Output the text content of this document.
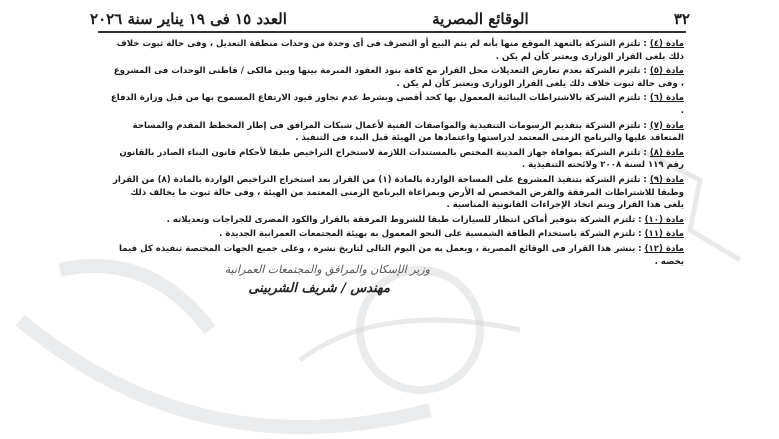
٣٢
الوقائع المصرية
العدد ١٥ فى ١٩ يناير سنة ٢٠٢٦

مادة (٤) : تلتزم الشركة بالتعهد الموقع منها بأنه لم يتم البيع أو التصرف فى أى وحدة من وحدات منطقة التعديل ، وفى حالة ثبوت خلاف ذلك يلغى القرار الوزارى ويعتبر كأن لم يكن .

مادة (٥) : تلتزم الشركة بعدم تعارض التعديلات محل القرار مع كافة بنود العقود المبرمة بينها وبين مالكى / قاطنى الوحدات فى المشروع ، وفى حالة ثبوت خلاف ذلك يلغى القرار الوزارى ويعتبر كأن لم يكن .

مادة (٦) : تلتزم الشركة بالاشتراطات البنائية المعمول بها كحد أقصى وبشرط عدم تجاوز قيود الارتفاع المسموح بها من قبل وزارة الدفاع .

مادة (٧) : تلتزم الشركة بتقديم الرسومات التنفيذية والمواصفات الفنية لأعمال شبكات المرافق فى إطار المخطط المقدم والمساحة المتعاقد عليها والبرنامج الزمنى المعتمد لدراستها واعتمادها من الهيئة قبل البدء فى التنفيذ .

مادة (٨) : تلتزم الشركة بموافاة جهاز المدينة المختص بالمستندات اللازمة لاستخراج التراخيص طبقا لأحكام قانون البناء الصادر بالقانون رقم ١١٩ لسنة ٢٠٠٨ ولائحته التنفيذية .

مادة (٩) : تلتزم الشركة بتنفيذ المشروع على المساحة الواردة بالمادة (١) من القرار بعد استخراج التراخيص الواردة بالمادة (٨) من القرار وطبقا للاشتراطات المرفقة والفرض المخصص له الأرض وبمراعاة البرنامج الزمنى المعتمد من الهيئة ، وفى حالة ثبوت ما يخالف ذلك يلغى هذا القرار ويتم اتخاذ الإجراءات القانونية المناسبة .

مادة (١٠) : تلتزم الشركة بتوفير أماكن انتظار للسيارات طبقا للشروط المرفقة بالقرار والكود المصرى للجراجات وتعديلاته .

مادة (١١) : تلتزم الشركة باستخدام الطاقة الشمسية على النحو المعمول به بهيئة المجتمعات العمرانية الجديدة .

مادة (١٢) : ينشر هذا القرار فى الوقائع المصرية ، ويعمل به من اليوم التالى لتاريخ نشره ، وعلى جميع الجهات المختصة تنفيذه كل فيما يخصه .

وزير الإسكان والمرافق والمجتمعات العمرانية
مهندس / شريف الشربينى
